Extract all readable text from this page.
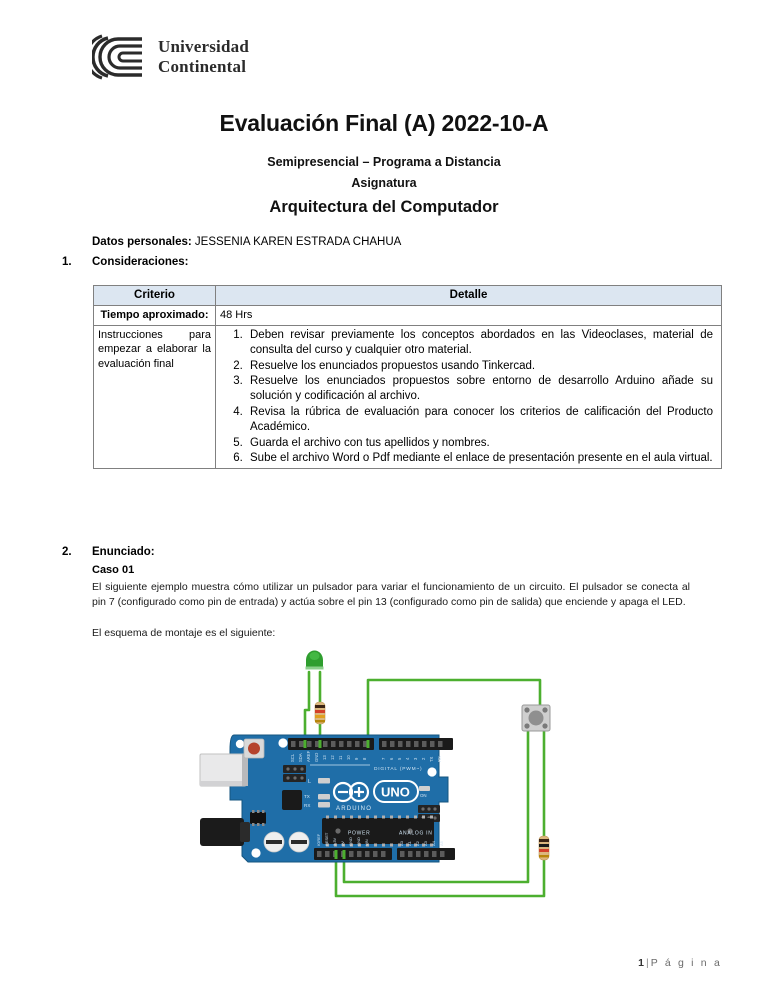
Universidad
Continental
Evaluación Final (A) 2022-10-A
Semipresencial – Programa a Distancia
Asignatura
Arquitectura del Computador
Datos personales: JESSENIA KAREN ESTRADA CHAHUA
1. Consideraciones:
Criterio	Detalle
Tiempo aproximado:	48 Hrs
Instrucciones para empezar a elaborar la evaluación final	
1. Deben revisar previamente los conceptos abordados en las Videoclases, material de consulta del curso y cualquier otro material.
2. Resuelve los enunciados propuestos usando Tinkercad.
3. Resuelve los enunciados propuestos sobre entorno de desarrollo Arduino añade su solución y codificación al archivo.
4. Revisa la rúbrica de evaluación para conocer los criterios de calificación del Producto Académico.
5. Guarda el archivo con tus apellidos y nombres.
6. Sube el archivo Word o Pdf mediante el enlace de presentación presente en el aula virtual.
2. Enunciado:
Caso 01
El siguiente ejemplo muestra cómo utilizar un pulsador para variar el funcionamiento de un circuito. El pulsador se conecta al pin 7 (configurado como pin de entrada) y actúa sobre el pin 13 (configurado como pin de salida) que enciende y apaga el LED.
El esquema de montaje es el siguiente:
L
TX
RX
ARDUINO
UNO ON
SCL SDA AREF GND 13 12 11 10 9 8	7 6 5 4 3 2 TX RX
DIGITAL (PWM~)
IOREF RESET 3.3V 5V GND GND VIN	A0 A1 A2 A3 A4 A5
POWER	ANALOG IN
1 | P á g i n a
